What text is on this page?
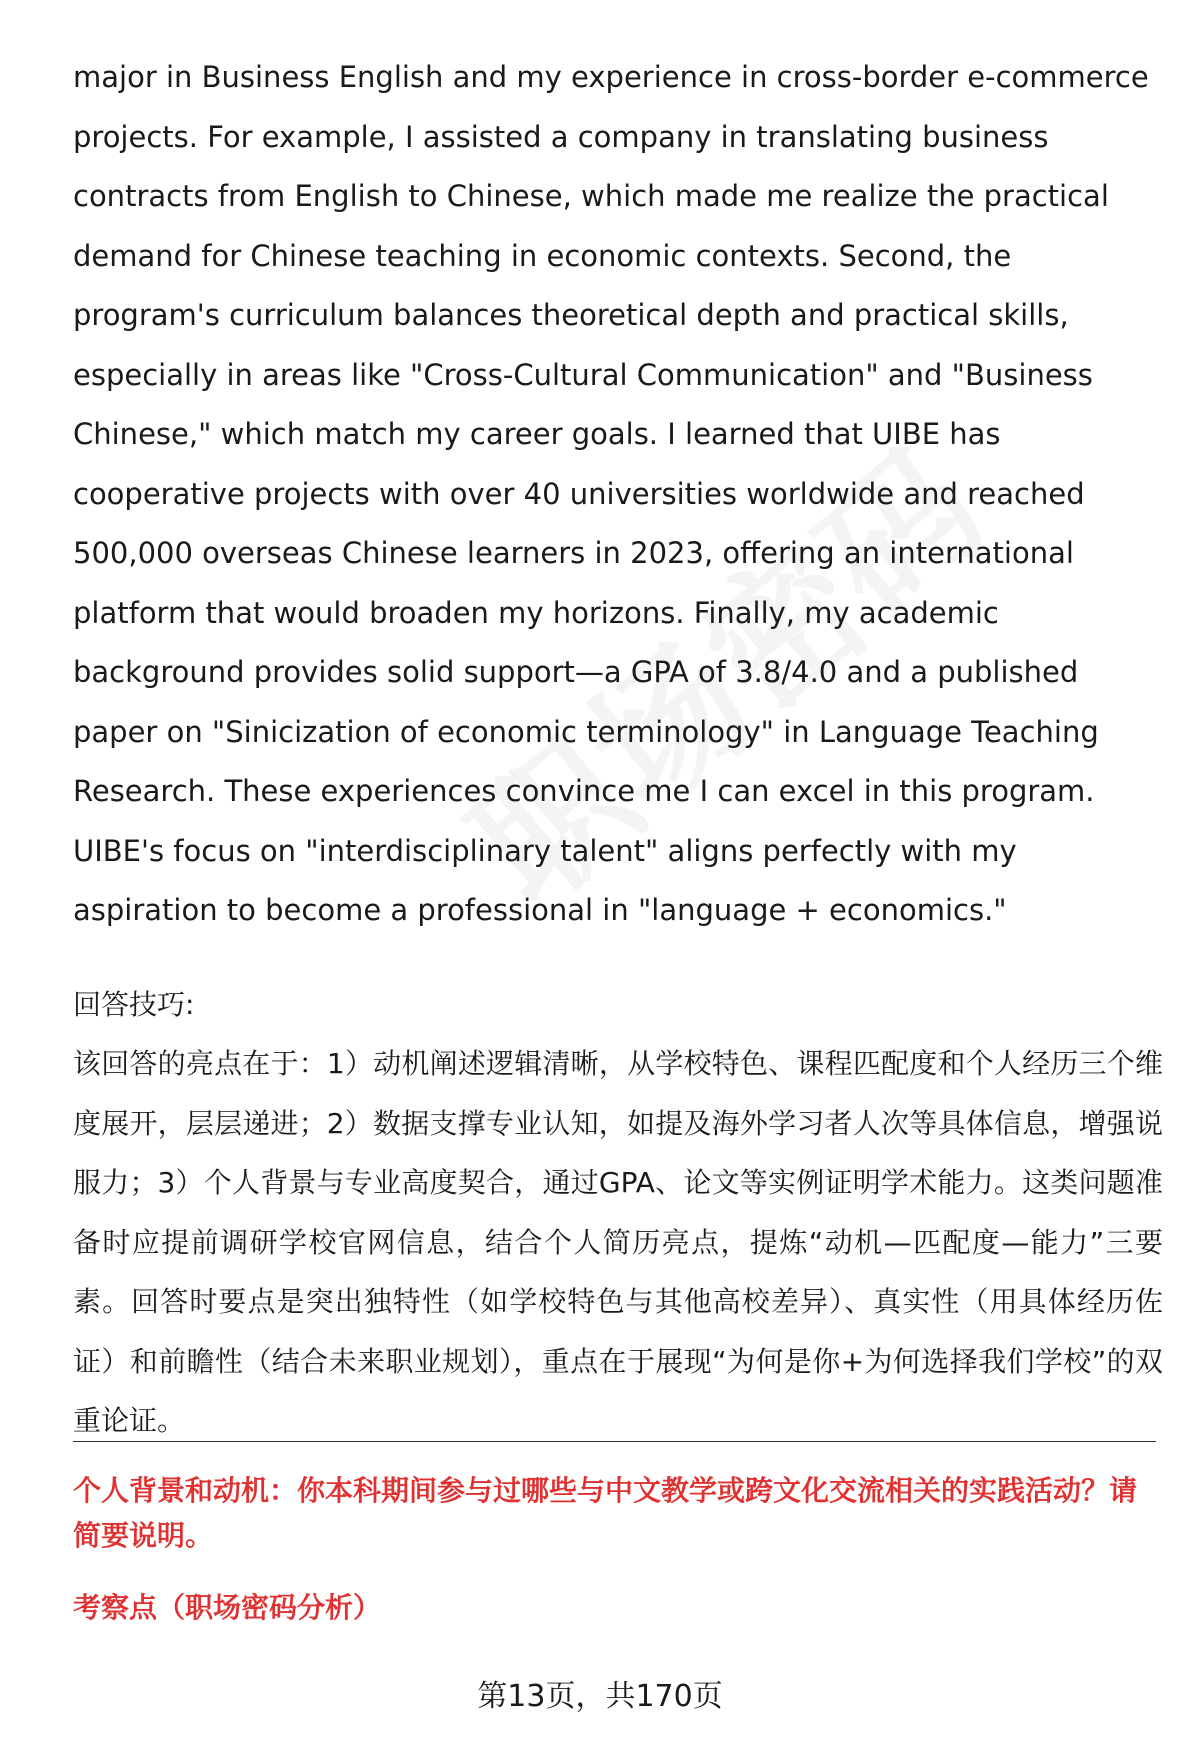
major in Business English and my experience in cross-border e-commerce projects. For example, I assisted a company in translating business contracts from English to Chinese, which made me realize the practical demand for Chinese teaching in economic contexts. Second, the program's curriculum balances theoretical depth and practical skills, especially in areas like "Cross-Cultural Communication" and "Business Chinese," which match my career goals. I learned that UIBE has cooperative projects with over 40 universities worldwide and reached 500,000 overseas Chinese learners in 2023, offering an international platform that would broaden my horizons. Finally, my academic background provides solid support—a GPA of 3.8/4.0 and a published paper on "Sinicization of economic terminology" in Language Teaching Research. These experiences convince me I can excel in this program. UIBE's focus on "interdisciplinary talent" aligns perfectly with my aspiration to become a professional in "language + economics."

回答技巧:

该回答的亮点在于：1）动机阐述逻辑清晰，从学校特色、课程匹配度和个人经历三个维度展开，层层递进；2）数据支撑专业认知，如提及海外学习者人次等具体信息，增强说服力；3）个人背景与专业高度契合，通过GPA、论文等实例证明学术能力。这类问题准备时应提前调研学校官网信息，结合个人简历亮点，提炼“动机—匹配度—能力”三要素。回答时要点是突出独特性（如学校特色与其他高校差异）、真实性（用具体经历佐证）和前瞻性（结合未来职业规划），重点在于展现“为何是你+为何选择我们学校”的双重论证。

个人背景和动机：你本科期间参与过哪些与中文教学或跨文化交流相关的实践活动？请简要说明。

考察点（职场密码分析）

第13页，共170页
